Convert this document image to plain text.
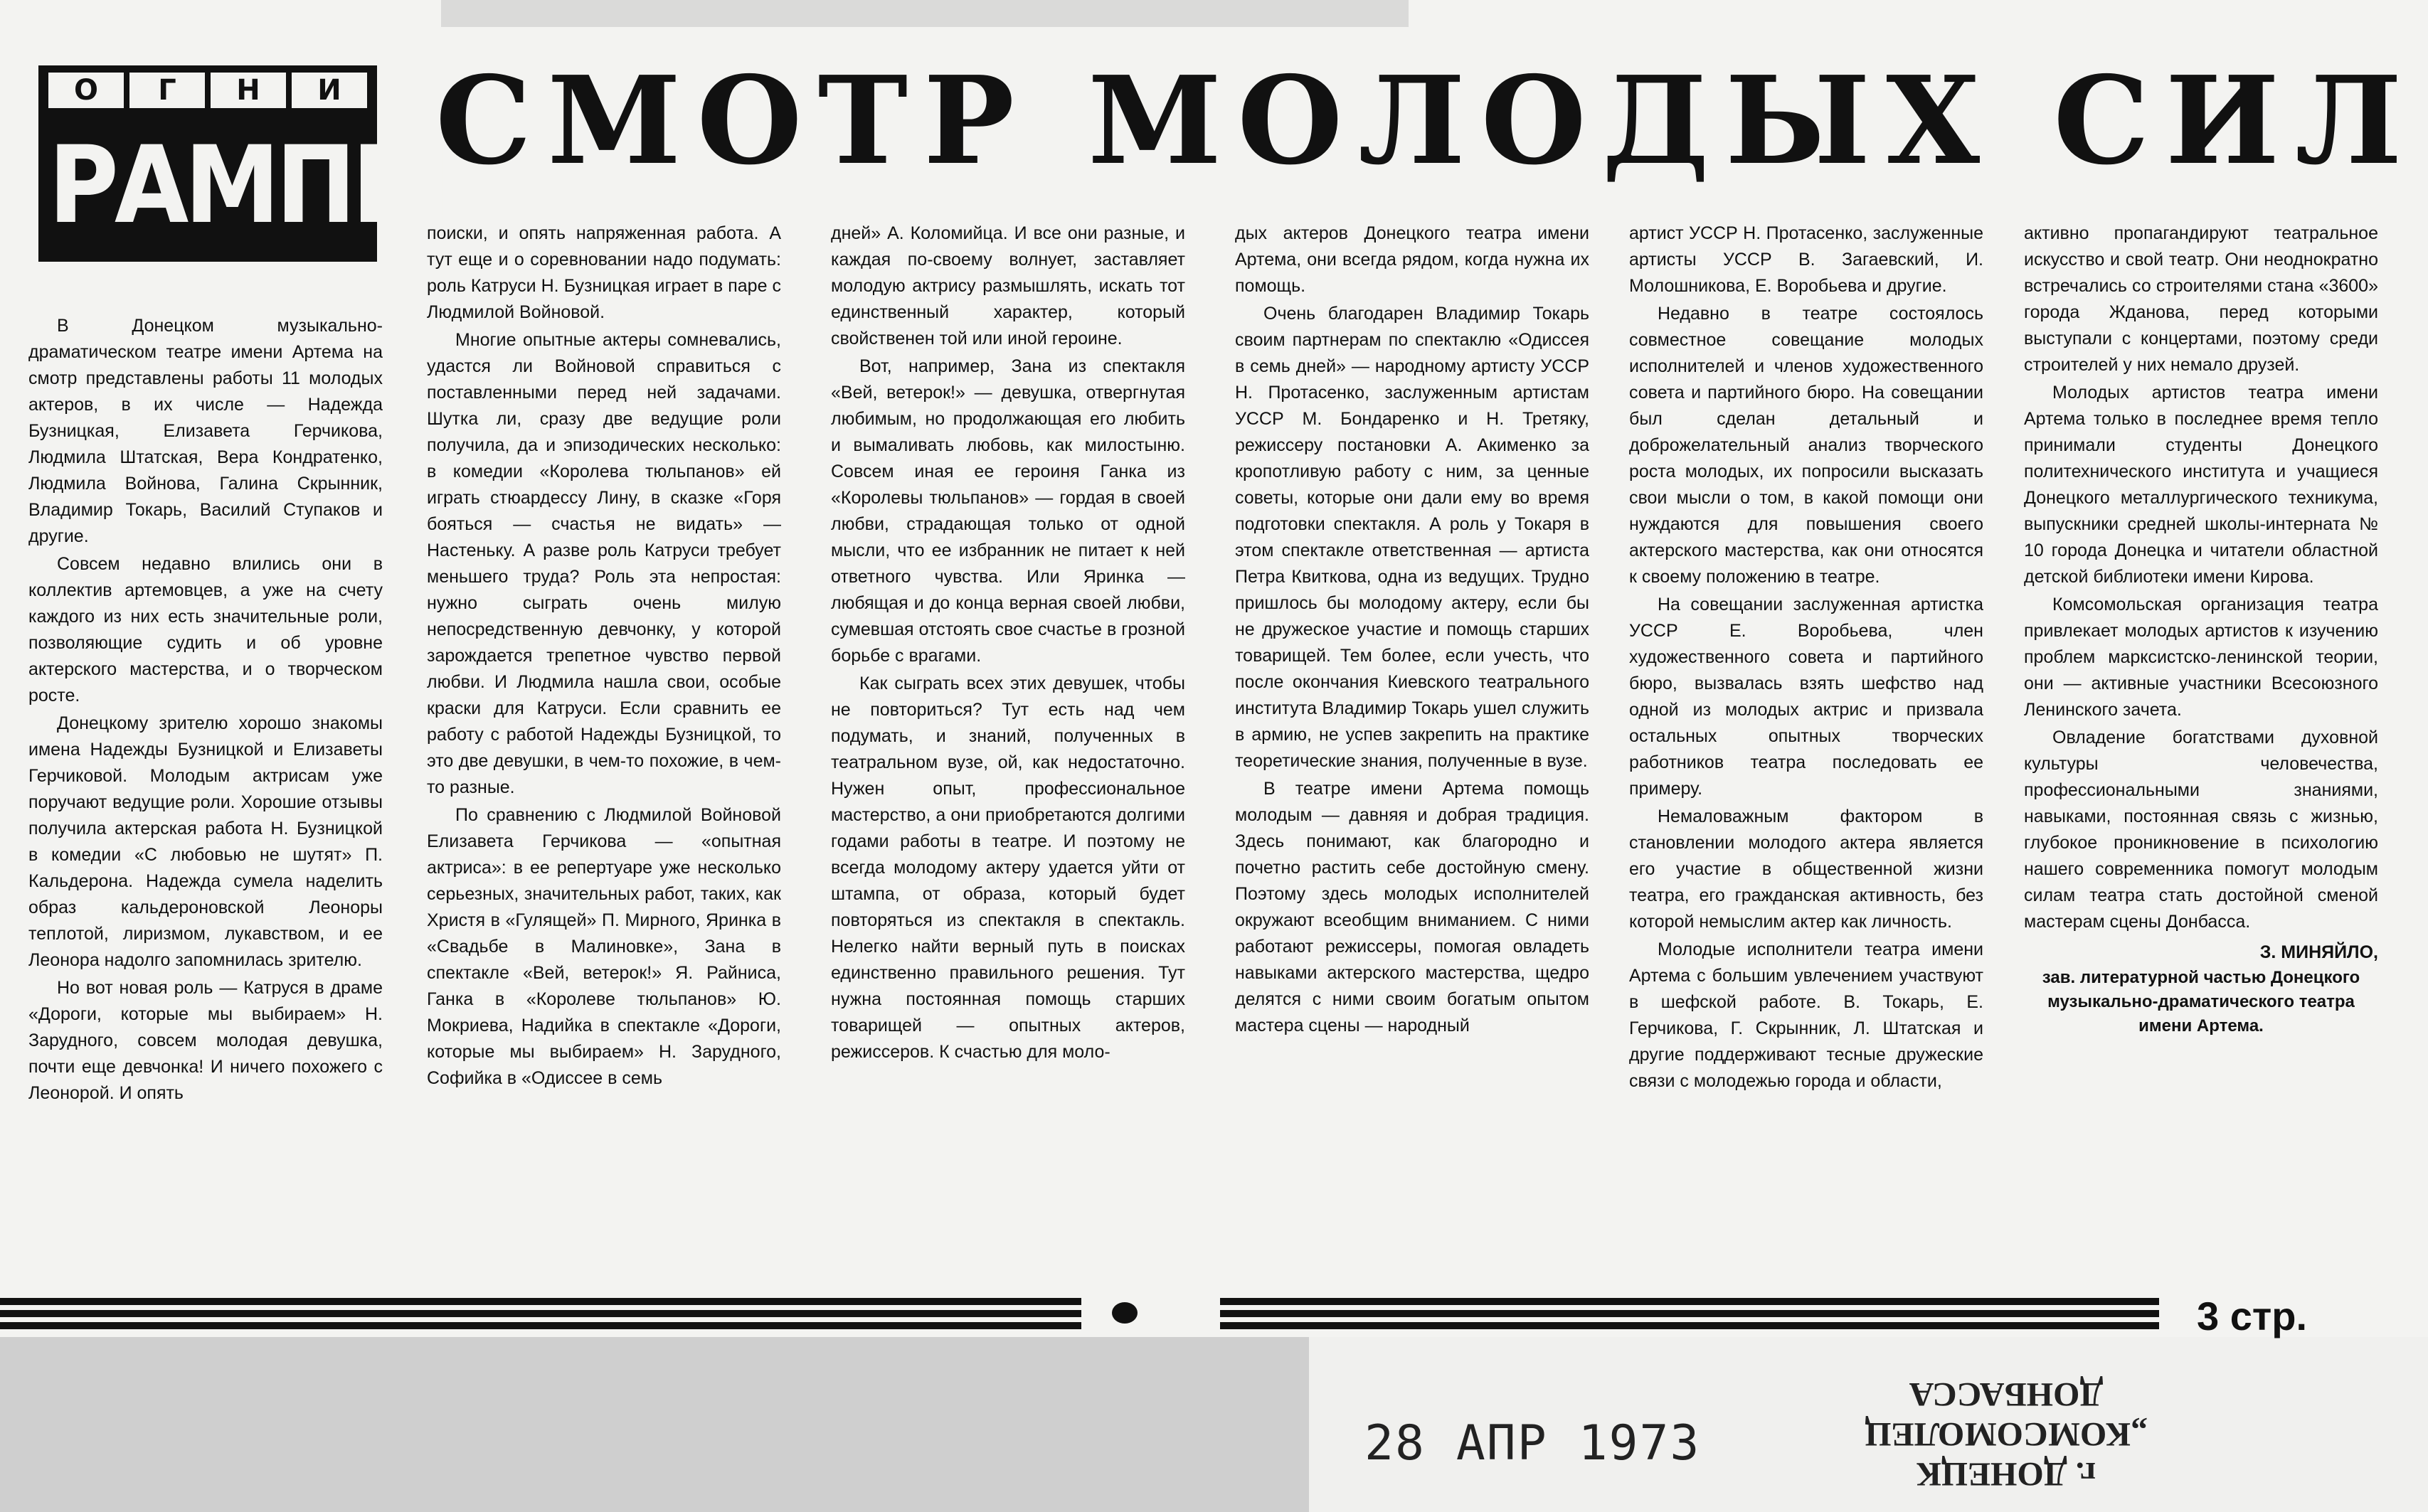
О	Г	Н	И
РАМПЫ
СМОТР МОЛОДЫХ СИЛ

В Донецком музыкально-драматическом театре имени Артема на смотр представлены работы 11 молодых актеров, в их числе — Надежда Бузницкая, Елизавета Герчикова, Людмила Штатская, Вера Кондратенко, Людмила Войнова, Галина Скрынник, Владимир Токарь, Василий Ступаков и другие.

Совсем недавно влились они в коллектив артемовцев, а уже на счету каждого из них есть значительные роли, позволяющие судить и об уровне актерского мастерства, и о творческом росте.

Донецкому зрителю хорошо знакомы имена Надежды Бузницкой и Елизаветы Герчиковой. Молодым актрисам уже поручают ведущие роли. Хорошие отзывы получила актерская работа Н. Бузницкой в комедии «С любовью не шутят» П. Кальдерона. Надежда сумела наделить образ кальдероновской Леоноры теплотой, лиризмом, лукавством, и ее Леонора надолго запомнилась зрителю.

Но вот новая роль — Катруся в драме «Дороги, которые мы выбираем» Н. Зарудного, совсем молодая девушка, почти еще девчонка! И ничего похожего с Леонорой. И опять

поиски, и опять напряженная работа. А тут еще и о соревновании надо подумать: роль Катруси Н. Бузницкая играет в паре с Людмилой Войновой.

Многие опытные актеры сомневались, удастся ли Войновой справиться с поставленными перед ней задачами. Шутка ли, сразу две ведущие роли получила, да и эпизодических несколько: в комедии «Королева тюльпанов» ей играть стюардессу Лину, в сказке «Горя бояться — счастья не видать» — Настеньку. А разве роль Катруси требует меньшего труда? Роль эта непростая: нужно сыграть очень милую непосредственную девчонку, у которой зарождается трепетное чувство первой любви. И Людмила нашла свои, особые краски для Катруси. Если сравнить ее работу с работой Надежды Бузницкой, то это две девушки, в чем-то похожие, в чем-то разные.

По сравнению с Людмилой Войновой Елизавета Герчикова — «опытная актриса»: в ее репертуаре уже несколько серьезных, значительных работ, таких, как Христя в «Гулящей» П. Мирного, Яринка в «Свадьбе в Малиновке», Зана в спектакле «Вей, ветерок!» Я. Райниса, Ганка в «Королеве тюльпанов» Ю. Мокриева, Надийка в спектакле «Дороги, которые мы выбираем» Н. Зарудного, Софийка в «Одиссее в семь

дней» А. Коломийца. И все они разные, и каждая по-своему волнует, заставляет молодую актрису размышлять, искать тот единственный характер, который свойственен той или иной героине.

Вот, например, Зана из спектакля «Вей, ветерок!» — девушка, отвергнутая любимым, но продолжающая его любить и вымаливать любовь, как милостыню. Совсем иная ее героиня Ганка из «Королевы тюльпанов» — гордая в своей любви, страдающая только от одной мысли, что ее избранник не питает к ней ответного чувства. Или Яринка — любящая и до конца верная своей любви, сумевшая отстоять свое счастье в грозной борьбе с врагами.

Как сыграть всех этих девушек, чтобы не повториться? Тут есть над чем подумать, и знаний, полученных в театральном вузе, ой, как недостаточно. Нужен опыт, профессиональное мастерство, а они приобретаются долгими годами работы в театре. И поэтому не всегда молодому актеру удается уйти от штампа, от образа, который будет повторяться из спектакля в спектакль. Нелегко найти верный путь в поисках единственно правильного решения. Тут нужна постоянная помощь старших товарищей — опытных актеров, режиссеров. К счастью для моло-

дых актеров Донецкого театра имени Артема, они всегда рядом, когда нужна их помощь.

Очень благодарен Владимир Токарь своим партнерам по спектаклю «Одиссея в семь дней» — народному артисту УССР Н. Протасенко, заслуженным артистам УССР М. Бондаренко и Н. Третяку, режиссеру постановки А. Акименко за кропотливую работу с ним, за ценные советы, которые они дали ему во время подготовки спектакля. А роль у Токаря в этом спектакле ответственная — артиста Петра Квиткова, одна из ведущих. Трудно пришлось бы молодому актеру, если бы не дружеское участие и помощь старших товарищей. Тем более, если учесть, что после окончания Киевского театрального института Владимир Токарь ушел служить в армию, не успев закрепить на практике теоретические знания, полученные в вузе.

В театре имени Артема помощь молодым — давняя и добрая традиция. Здесь понимают, как благородно и почетно растить себе достойную смену. Поэтому здесь молодых исполнителей окружают всеобщим вниманием. С ними работают режиссеры, помогая овладеть навыками актерского мастерства, щедро делятся с ними своим богатым опытом мастера сцены — народный

артист УССР Н. Протасенко, заслуженные артисты УССР В. Загаевский, И. Молошникова, Е. Воробьева и другие.

Недавно в театре состоялось совместное совещание молодых исполнителей и членов художественного совета и партийного бюро. На совещании был сделан детальный и доброжелательный анализ творческого роста молодых, их попросили высказать свои мысли о том, в какой помощи они нуждаются для повышения своего актерского мастерства, как они относятся к своему положению в театре.

На совещании заслуженная артистка УССР Е. Воробьева, член художественного совета и партийного бюро, вызвалась взять шефство над одной из молодых актрис и призвала остальных опытных творческих работников театра последовать ее примеру.

Немаловажным фактором в становлении молодого актера является его участие в общественной жизни театра, его гражданская активность, без которой немыслим актер как личность.

Молодые исполнители театра имени Артема с большим увлечением участвуют в шефской работе. В. Токарь, Е. Герчикова, Г. Скрынник, Л. Штатская и другие поддерживают тесные дружеские связи с молодежью города и области,

активно пропагандируют театральное искусство и свой театр. Они неоднократно встречались со строителями стана «3600» города Жданова, перед которыми выступали с концертами, поэтому среди строителей у них немало друзей.

Молодых артистов театра имени Артема только в последнее время тепло принимали студенты Донецкого политехнического института и учащиеся Донецкого металлургического техникума, выпускники средней школы-интерната № 10 города Донецка и читатели областной детской библиотеки имени Кирова.

Комсомольская организация театра привлекает молодых артистов к изучению проблем марксистско-ленинской теории, они — активные участники Всесоюзного Ленинского зачета.

Овладение богатствами духовной культуры человечества, профессиональными знаниями, навыками, постоянная связь с жизнью, глубокое проникновение в психологию нашего современника помогут молодым силам театра стать достойной сменой мастерам сцены Донбасса.

З. МИНЯЙЛО,
зав. литературной частью Донецкого музыкально-драматического театра имени Артема.
3 стр.
28 АПР 1973
г. ДОНЕЦК
„КОМСОМОЛЕЦ ДОНБАССА
